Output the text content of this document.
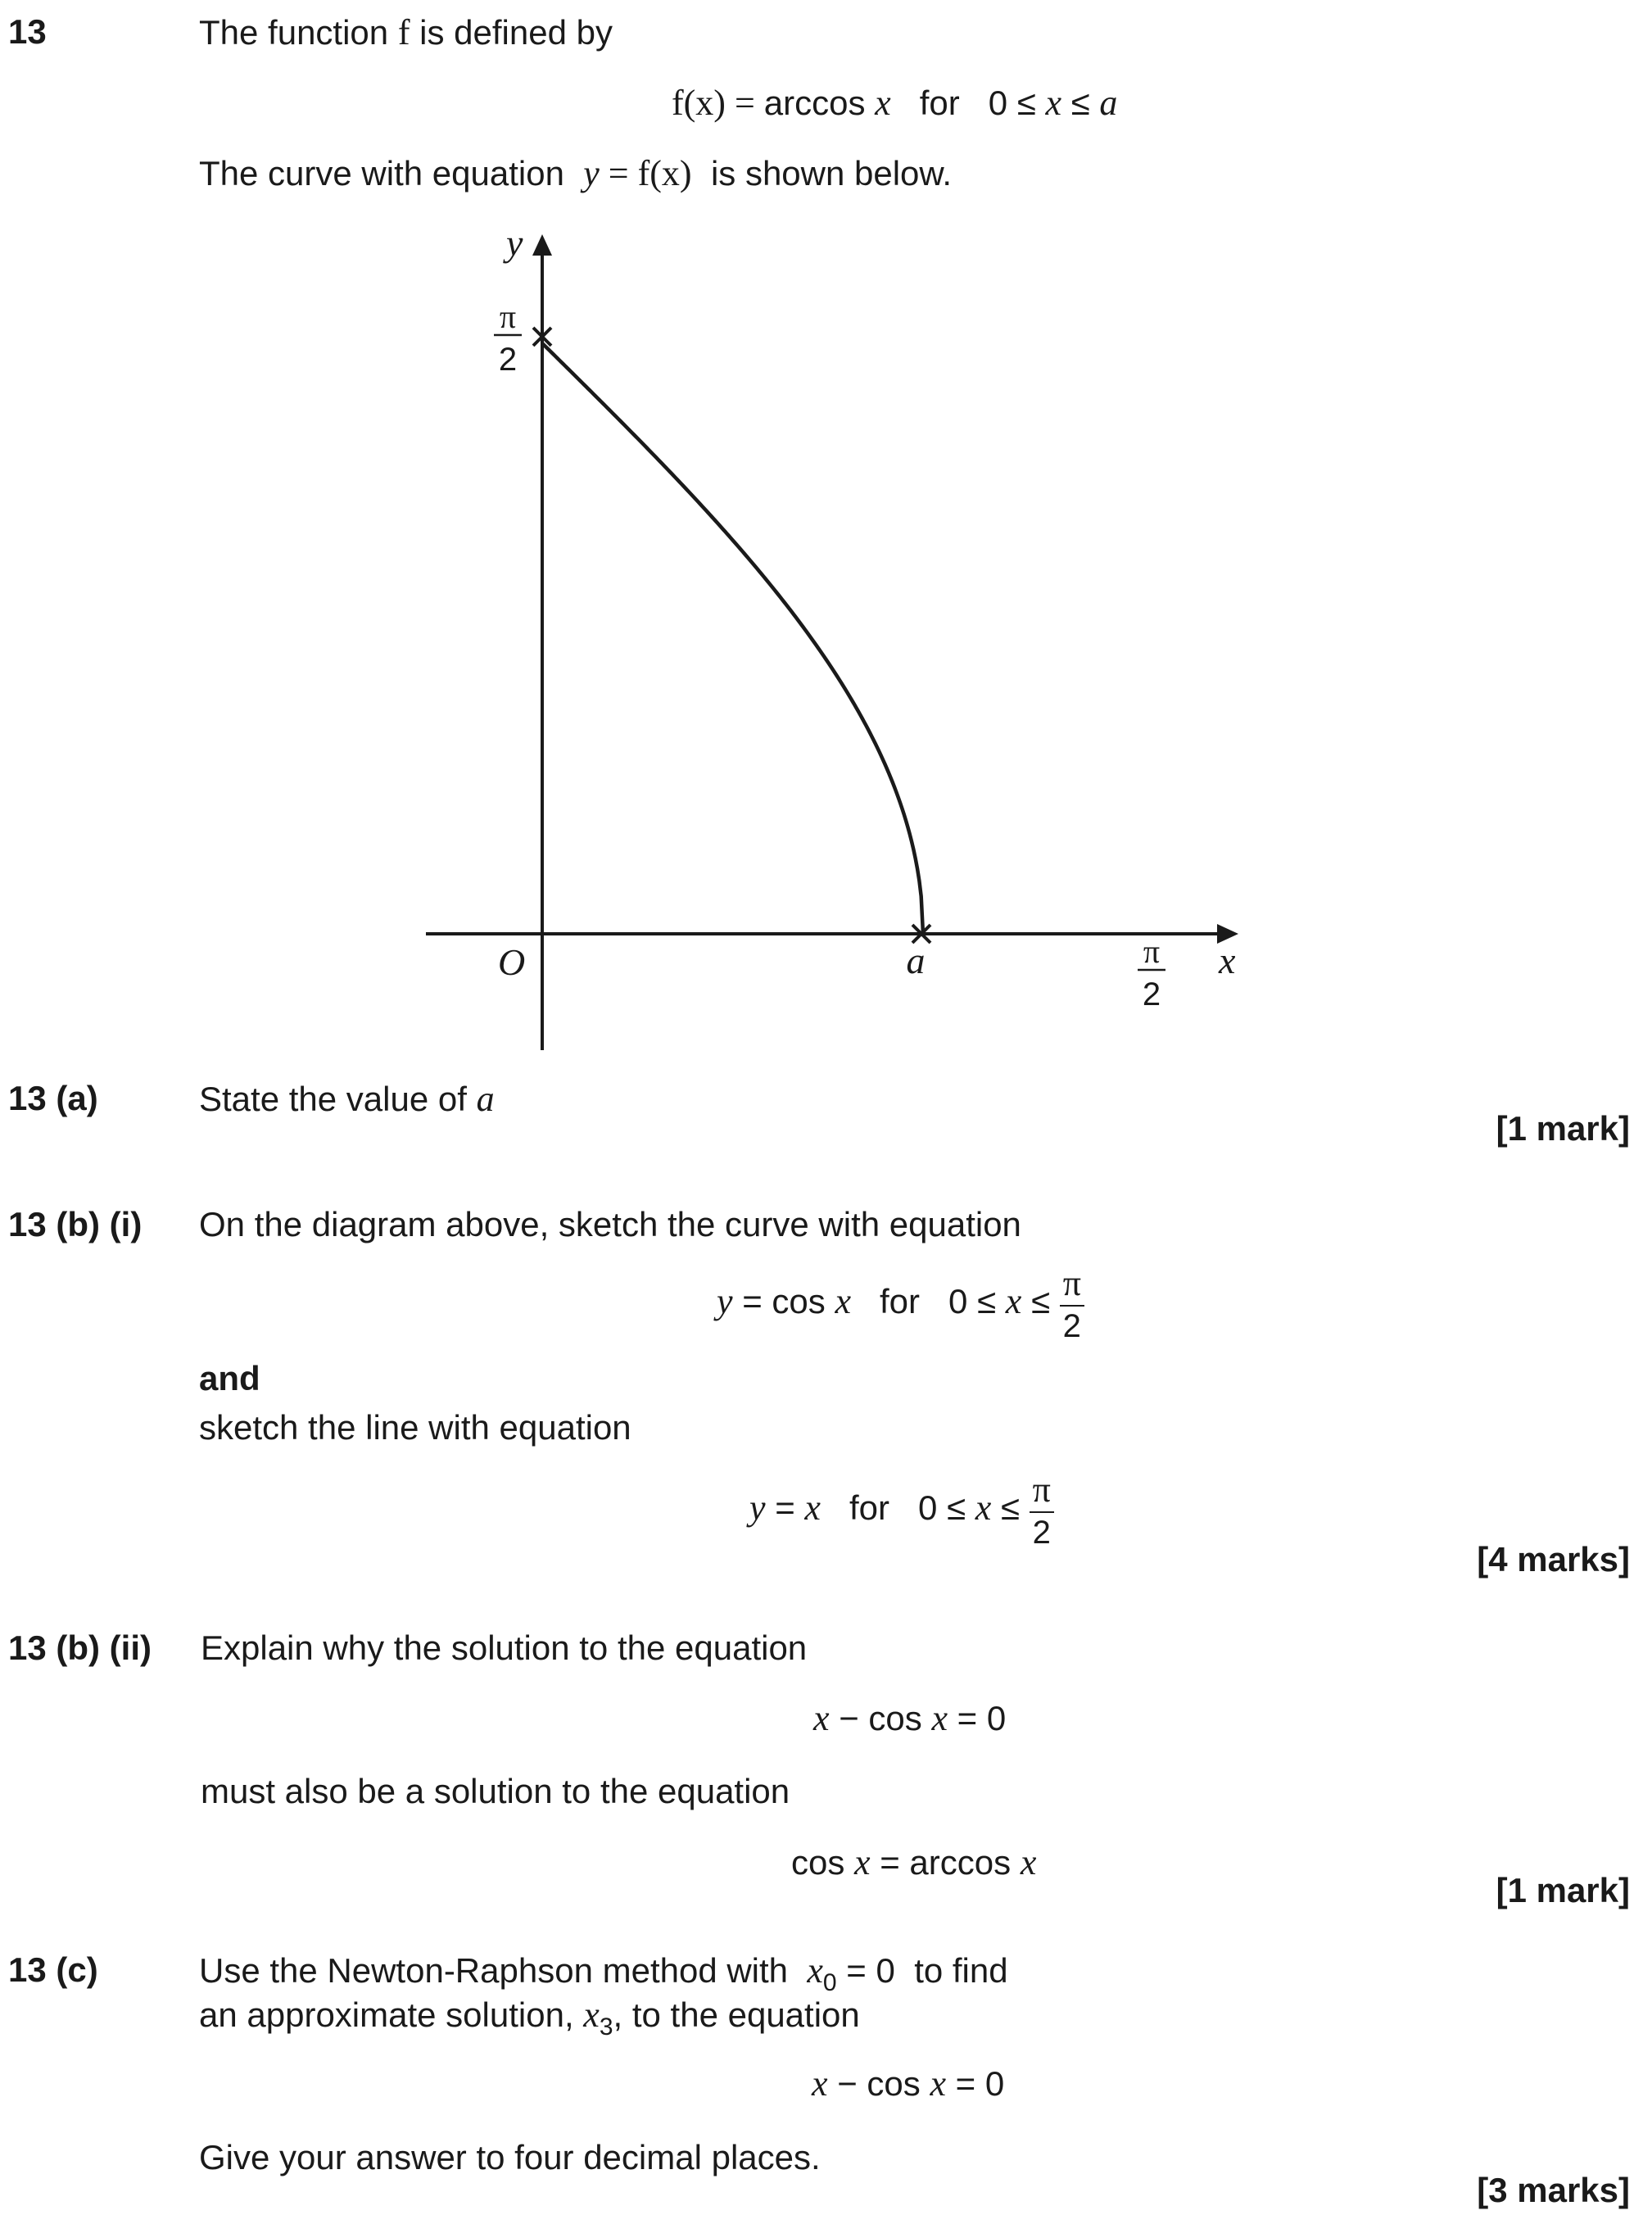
13	The function f is defined by
f(x) = arccos x for 0 ≤ x ≤ a
The curve with equation y = f(x) is shown below.
y
x
O
π
2
a	π
2
13 (a)	State the value of a
[1 mark]
13 (b) (i) On the diagram above, sketch the curve with equation
y = cos x for $0 \le x \le \frac{\pi}{2}$
and
sketch the line with equation
y = x for $0 \le x \le \frac{\pi}{2}$
[4 marks]
13 (b) (ii) Explain why the solution to the equation
x − cos x = 0
must also be a solution to the equation
cos x = arccos x
[1 mark]
13 (c)	Use the Newton-Raphson method with $x_0 = 0$ to find
an approximate solution, $x_3$, to the equation
x − cos x = 0
Give your answer to four decimal places.
[3 marks]
